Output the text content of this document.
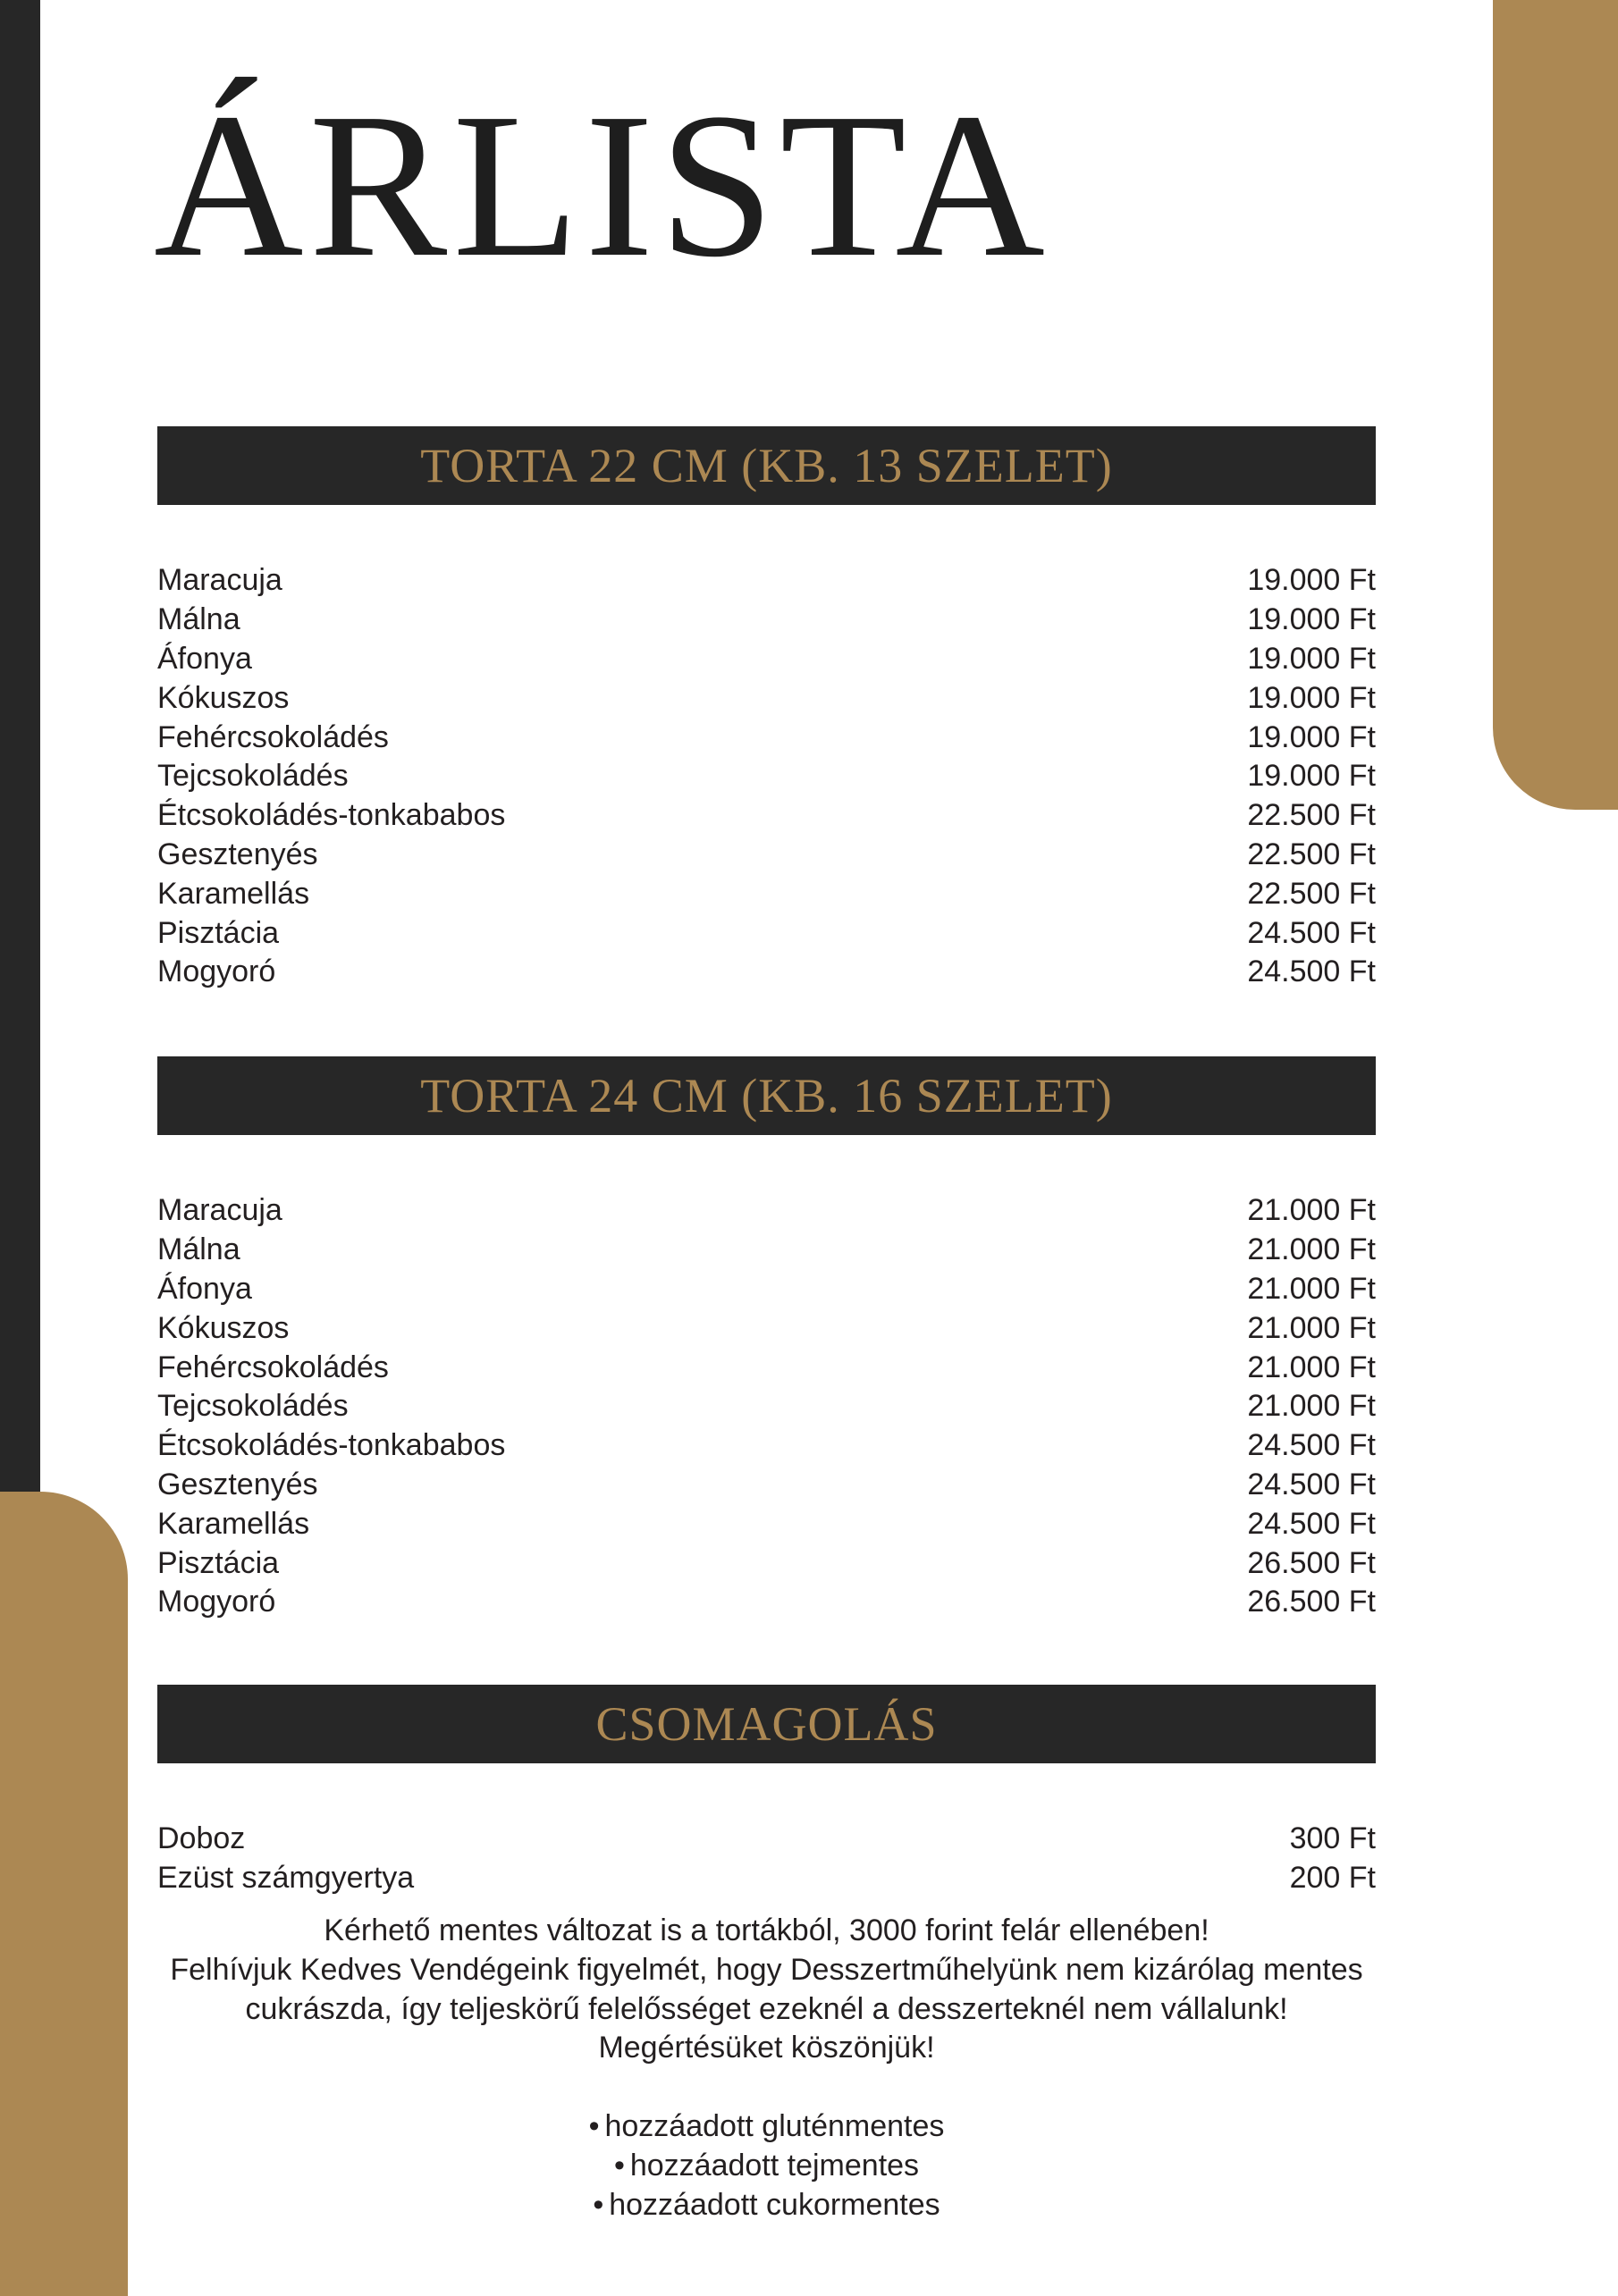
ÁRLISTA
TORTA 22 CM (KB. 13 SZELET)
Maracuja	19.000 Ft
Málna	19.000 Ft
Áfonya	19.000 Ft
Kókuszos	19.000 Ft
Fehércsokoládés	19.000 Ft
Tejcsokoládés	19.000 Ft
Étcsokoládés-tonkababos	22.500 Ft
Gesztenyés	22.500 Ft
Karamellás	22.500 Ft
Pisztácia	24.500 Ft
Mogyoró	24.500 Ft
TORTA 24 CM (KB. 16 SZELET)
Maracuja	21.000 Ft
Málna	21.000 Ft
Áfonya	21.000 Ft
Kókuszos	21.000 Ft
Fehércsokoládés	21.000 Ft
Tejcsokoládés	21.000 Ft
Étcsokoládés-tonkababos	24.500 Ft
Gesztenyés	24.500 Ft
Karamellás	24.500 Ft
Pisztácia	26.500 Ft
Mogyoró	26.500 Ft
CSOMAGOLÁS
Doboz	300 Ft
Ezüst számgyertya	200 Ft

Kérhető mentes változat is a tortákból, 3000 forint felár ellenében!

Felhívjuk Kedves Vendégeink figyelmét, hogy Desszertműhelyünk nem kizárólag mentes

cukrászda, így teljeskörű felelősséget ezeknél a desszerteknél nem vállalunk!

Megértésüket köszönjük!

• hozzáadott gluténmentes
• hozzáadott tejmentes
• hozzáadott cukormentes
